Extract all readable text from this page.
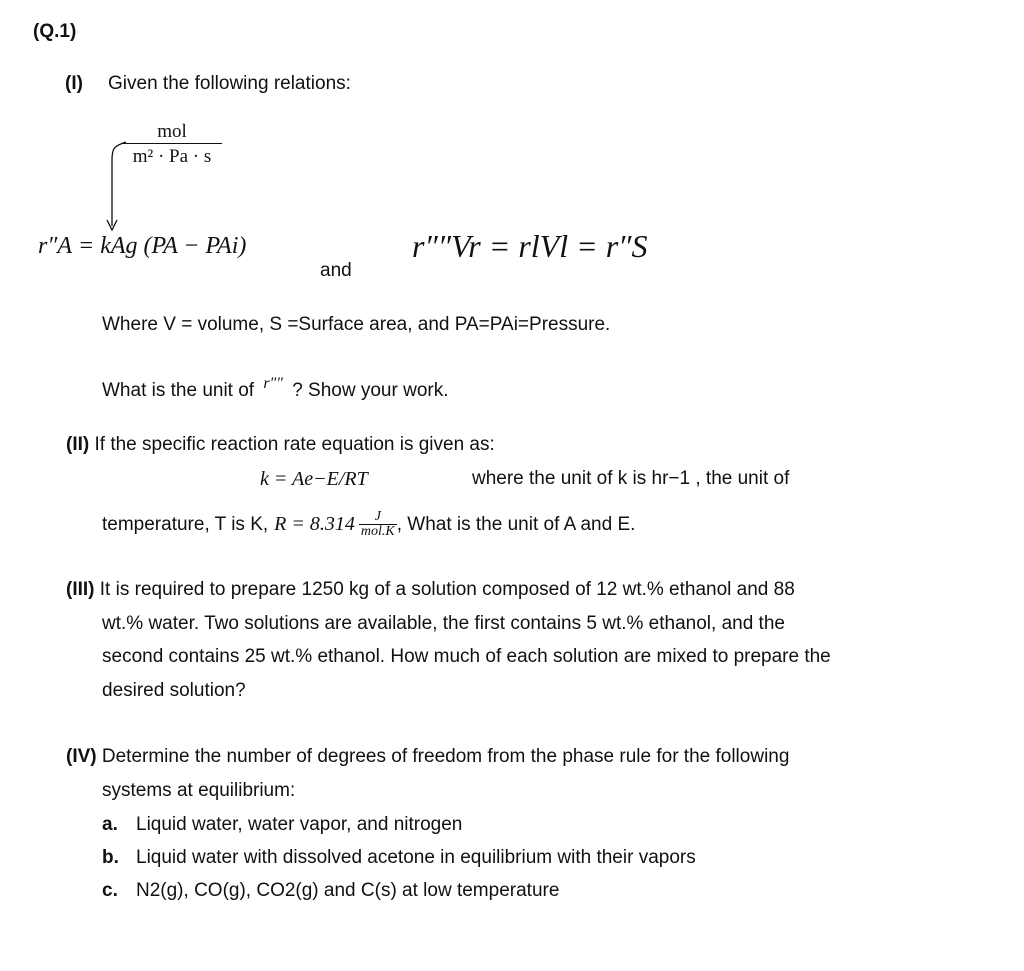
(Q.1)
(I) Given the following relations:
mol
m² · Pa · s
r″A = kAg (PA − PAi)
and
r″″Vr = rlVl = r″S
Where V = volume, S =Surface area, and PA=PAi=Pressure.
What is the unit of $^{r''''}$ ? Show your work.
(II) If the specific reaction rate equation is given as:
k = Ae−E/RT	where the unit of k is hr−1 , the unit of
temperature, T is K, $R = 8.314 \frac{J}{\text{mol.K}}$ , What is the unit of A and E.
(III) It is required to prepare 1250 kg of a solution composed of 12 wt.% ethanol and 88
wt.% water. Two solutions are available, the first contains 5 wt.% ethanol, and the
second contains 25 wt.% ethanol. How much of each solution are mixed to prepare the
desired solution?
(IV) Determine the number of degrees of freedom from the phase rule for the following
systems at equilibrium:
a. Liquid water, water vapor, and nitrogen
b. Liquid water with dissolved acetone in equilibrium with their vapors
c. N2(g), CO(g), CO2(g) and C(s) at low temperature
